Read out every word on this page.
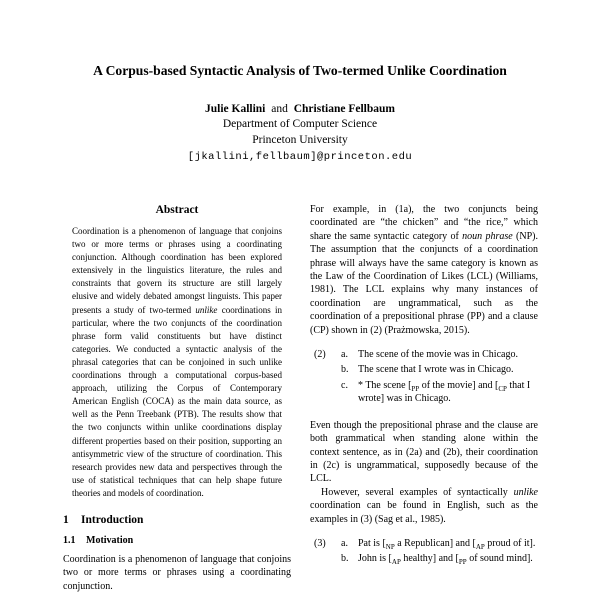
A Corpus-based Syntactic Analysis of Two-termed Unlike Coordination
Julie Kallini and Christiane Fellbaum
Department of Computer Science
Princeton University
[jkallini,fellbaum]@princeton.edu
Abstract

Coordination is a phenomenon of language that conjoins two or more terms or phrases using a coordinating conjunction. Although coordination has been explored extensively in the linguistics literature, the rules and constraints that govern its structure are still largely elusive and widely debated amongst linguists. This paper presents a study of two-termed unlike coordinations in particular, where the two conjuncts of the coordination phrase form valid constituents but have distinct categories. We conducted a syntactic analysis of the phrasal categories that can be conjoined in such unlike coordinations through a computational corpus-based approach, utilizing the Corpus of Contemporary American English (COCA) as the main data source, as well as the Penn Treebank (PTB). The results show that the two conjuncts within unlike coordinations display different properties based on their position, supporting an antisymmetric view of the structure of coordination. This research provides new data and perspectives through the use of statistical techniques that can help shape future theories and models of coordination.

1 Introduction
1.1 Motivation

Coordination is a phenomenon of language that conjoins two or more terms or phrases using a coordinating conjunction.

For example, in (1a), the two conjuncts being coordinated are “the chicken” and “the rice,” which share the same syntactic category of noun phrase (NP). The assumption that the conjuncts of a coordination phrase will always have the same category is known as the Law of the Coordination of Likes (LCL) (Williams, 1981). The LCL explains why many instances of coordination are ungrammatical, such as the coordination of a prepositional phrase (PP) and a clause (CP) shown in (2) (Prażmowska, 2015).

(2)	a.	The scene of the movie was in Chicago.
b. The scene that I wrote was in Chicago.
c.	* The scene [$_{PP}$ of the movie] and [$_{CP}$ that I wrote] was in Chicago.

Even though the prepositional phrase and the clause are both grammatical when standing alone within the context sentence, as in (2a) and (2b), their coordination in (2c) is ungrammatical, supposedly because of the LCL.

However, several examples of syntactically unlike coordination can be found in English, such as the examples in (3) (Sag et al., 1985).

(3)	a.	Pat is [$_{NP}$ a Republican] and [$_{AP}$ proud of it].
b. John is [$_{AP}$ healthy] and [$_{PP}$ of sound mind].
